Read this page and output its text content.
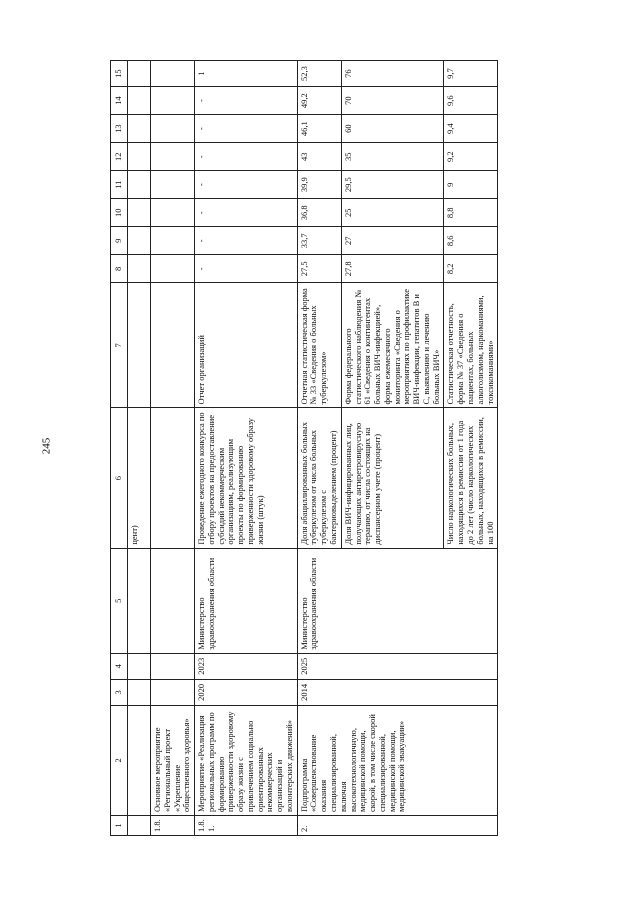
245
1	2	3	4	5	6	7	8	9	10	11	12	13	14	15
					цент)									
1.8.	Основное мероприятие «Региональный проект «Укрепление общественного здоровья»													
1.8.1.	Мероприятие «Реализация региональных программ по формированию приверженности здоровому образу жизни с привлечением социально ориентированных некоммерческих организаций и волонтерских движений»	2020	2023	Министерство здравоохранения области	Проведение ежегодного конкурса по отбору проектов на предоставление субсидий некоммерческим организациям, реализующим проекты по формированию приверженности здоровому образу жизни (штук)	Отчет организаций	-	-	-	-	-	-	-	1
2.	Подпрограмма «Совершенствование оказания специализированной, включая высокотехнологичную, медицинской помощи, скорой, в том числе скорой специализированной, медицинской помощи, медицинской эвакуации»	2014	2025	Министерство здравоохранения области	Доля абациллированных больных туберкулезом от числа больных туберкулезом с бактериовыделением (процент)	Отчетная статистическая форма № 33 «Сведения о больных туберкулезом»	27,5	33,7	36,8	39,9	43	46,1	49,2	52,3
					Доля ВИЧ-инфицированных лиц, получающих антиретровирусную терапию, от числа состоящих на диспансерном учете (процент)	Форма федерального статистического наблюдения № 61 «Сведения о контингентах больных ВИЧ-инфекцией», форма ежемесячного мониторинга «Сведения о мероприятиях по профилактике ВИЧ-инфекции, гепатитов В и С, выявлению и лечению больных ВИЧ»	27,8	27	25	29,5	35	60	70	76
					Число наркологических больных, находящихся в ремиссии от 1 года до 2 лет (число наркологических больных, находящихся в ремиссии, на 100	Статистическая отчетность, форма № 37 «Сведения о пациентах, больных алкоголизмом, наркоманиями, токсикоманиями»	8,2	8,6	8,8	9	9,2	9,4	9,6	9,7
